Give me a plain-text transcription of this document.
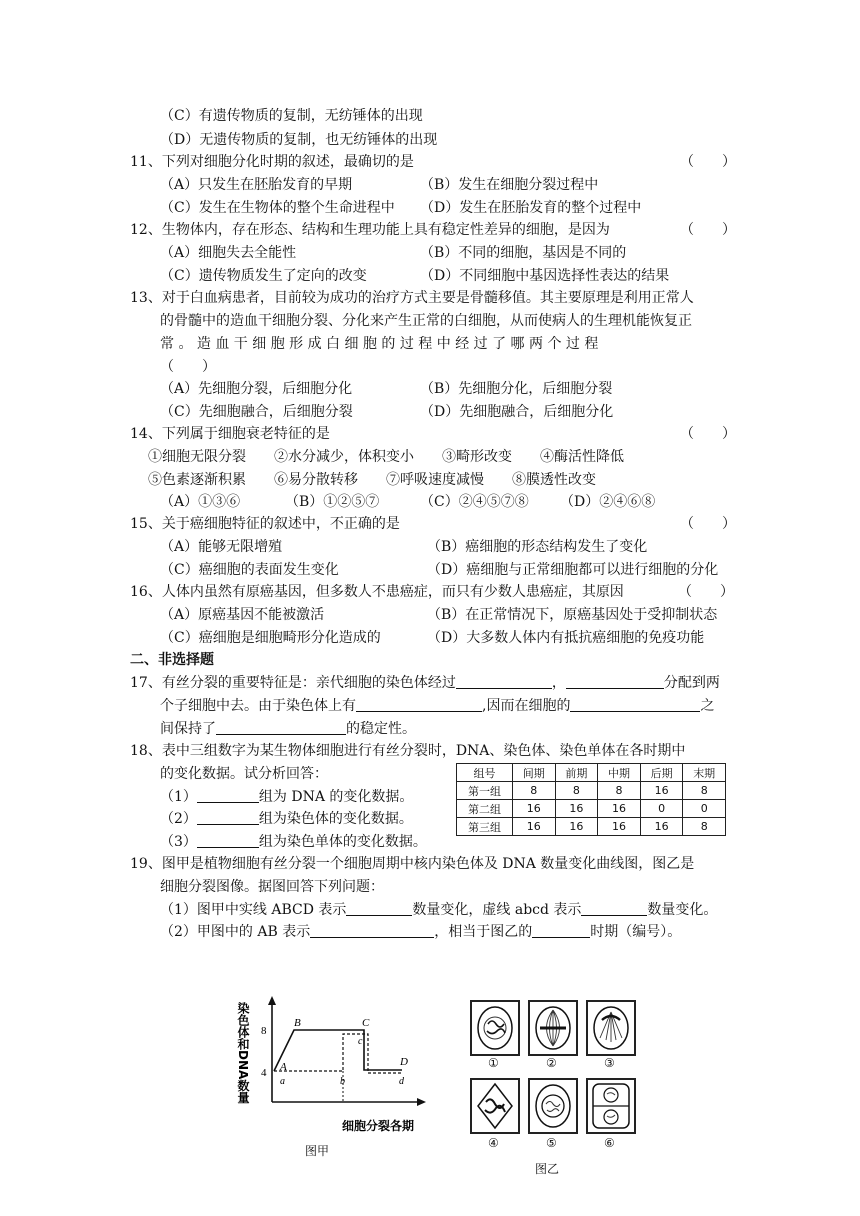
（C）有遗传物质的复制，无纺锤体的出现
（D）无遗传物质的复制，也无纺锤体的出现
11、下列对细胞分化时期的叙述，最确切的是	（　　）
（A）只发生在胚胎发育的早期	（B）发生在细胞分裂过程中
（C）发生在生物体的整个生命进程中 （D）发生在胚胎发育的整个过程中
12、生物体内，存在形态、结构和生理功能上具有稳定性差异的细胞，是因为	（　　）
（A）细胞失去全能性	（B）不同的细胞，基因是不同的
（C）遗传物质发生了定向的改变	（D）不同细胞中基因选择性表达的结果
13、对于白血病患者，目前较为成功的治疗方式主要是骨髓移值。其主要原理是利用正常人
的骨髓中的造血干细胞分裂、分化来产生正常的白细胞，从而使病人的生理机能恢复正
常 。 造 血 干 细 胞 形 成 白 细 胞 的 过 程 中 经 过 了 哪 两 个 过 程
（　　）
（A）先细胞分裂，后细胞分化	（B）先细胞分化，后细胞分裂
（C）先细胞融合，后细胞分裂	（D）先细胞融合，后细胞分化
14、下列属于细胞衰老特征的是	（　　）
①细胞无限分裂　　②水分减少，体积变小　　③畸形改变　　④酶活性降低
⑤色素逐渐积累　　⑥易分散转移　　⑦呼吸速度减慢　　⑧膜透性改变
（A）①③⑥	（B）①②⑤⑦	（C）②④⑤⑦⑧ （D）②④⑥⑧
15、关于癌细胞特征的叙述中，不正确的是	（　　）
（A）能够无限增殖	（B）癌细胞的形态结构发生了变化
（C）癌细胞的表面发生变化	（D）癌细胞与正常细胞都可以进行细胞的分化
16、人体内虽然有原癌基因，但多数人不患癌症，而只有少数人患癌症，其原因	（　　）
（A）原癌基因不能被激活	（B）在正常情况下，原癌基因处于受抑制状态
（C）癌细胞是细胞畸形分化造成的	（D）大多数人体内有抵抗癌细胞的免疫功能
二、非选择题
17、有丝分裂的重要特征是：亲代细胞的染色体经过	，	分配到两
个子细胞中去。由于染色体上有	,因而在细胞的	之
间保持了	的稳定性。
18、表中三组数字为某生物体细胞进行有丝分裂时，DNA、染色体、染色单体在各时期中
的变化数据。试分析回答：
（1）	组为 DNA 的变化数据。
（2）	组为染色体的变化数据。
（3）	组为染色单体的变化数据。
组号	间期	前期	中期	后期	末期
第一组	8	8	8	16	8
第二组	16	16	16	0	0
第三组	16	16	16	16	8
19、图甲是植物细胞有丝分裂一个细胞周期中核内染色体及 DNA 数量变化曲线图，图乙是
细胞分裂图像。据图回答下列问题：
（1）图甲中实线 ABCD 表示	数量变化，虚线 abcd 表示	数量变化。
（2）甲图中的 AB 表示	，相当于图乙的	时期（编号）。
8
4 A
B	C
D
a	b
c
d
染色体和DNA数量
细胞分裂各期
图甲
①	②	③
④	⑤	⑥
图乙
